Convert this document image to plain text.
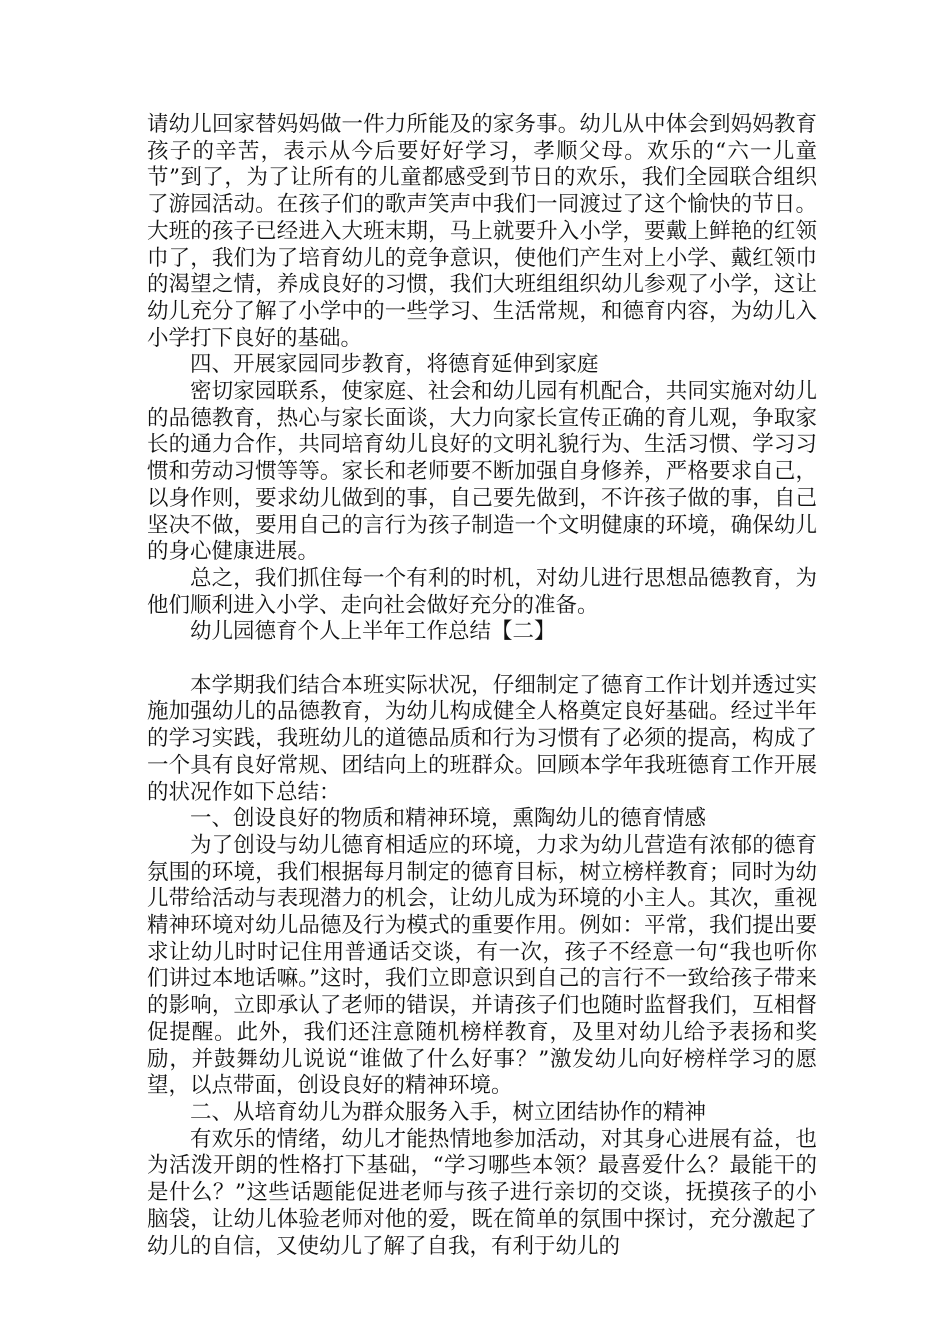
请幼儿回家替妈妈做一件力所能及的家务事。幼儿从中体会到妈妈教育孩子的辛苦，表示从今后要好好学习，孝顺父母。欢乐的“六一儿童节”到了，为了让所有的儿童都感受到节日的欢乐，我们全园联合组织了游园活动。在孩子们的歌声笑声中我们一同渡过了这个愉快的节日。大班的孩子已经进入大班末期，马上就要升入小学，要戴上鲜艳的红领巾了，我们为了培育幼儿的竞争意识，使他们产生对上小学、戴红领巾的渴望之情，养成良好的习惯，我们大班组组织幼儿参观了小学，这让幼儿充分了解了小学中的一些学习、生活常规，和德育内容，为幼儿入小学打下良好的基础。

四、开展家园同步教育，将德育延伸到家庭

密切家园联系，使家庭、社会和幼儿园有机配合，共同实施对幼儿的品德教育，热心与家长面谈，大力向家长宣传正确的育儿观，争取家长的通力合作，共同培育幼儿良好的文明礼貌行为、生活习惯、学习习惯和劳动习惯等等。家长和老师要不断加强自身修养，严格要求自己，以身作则，要求幼儿做到的事，自己要先做到，不许孩子做的事，自己坚决不做，要用自己的言行为孩子制造一个文明健康的环境，确保幼儿的身心健康进展。

总之，我们抓住每一个有利的时机，对幼儿进行思想品德教育，为他们顺利进入小学、走向社会做好充分的准备。

幼儿园德育个人上半年工作总结【二】

本学期我们结合本班实际状况，仔细制定了德育工作计划并透过实施加强幼儿的品德教育，为幼儿构成健全人格奠定良好基础。经过半年的学习实践，我班幼儿的道德品质和行为习惯有了必须的提高，构成了一个具有良好常规、团结向上的班群众。回顾本学年我班德育工作开展的状况作如下总结：

一、创设良好的物质和精神环境，熏陶幼儿的德育情感

为了创设与幼儿德育相适应的环境，力求为幼儿营造有浓郁的德育氛围的环境，我们根据每月制定的德育目标，树立榜样教育；同时为幼儿带给活动与表现潜力的机会，让幼儿成为环境的小主人。其次，重视精神环境对幼儿品德及行为模式的重要作用。例如：平常，我们提出要求让幼儿时时记住用普通话交谈，有一次，孩子不经意一句“我也听你们讲过本地话嘛。”这时，我们立即意识到自己的言行不一致给孩子带来的影响，立即承认了老师的错误，并请孩子们也随时监督我们，互相督促提醒。此外，我们还注意随机榜样教育，及里对幼儿给予表扬和奖励，并鼓舞幼儿说说“谁做了什么好事？”激发幼儿向好榜样学习的愿望，以点带面，创设良好的精神环境。

二、从培育幼儿为群众服务入手，树立团结协作的精神

有欢乐的情绪，幼儿才能热情地参加活动，对其身心进展有益，也为活泼开朗的性格打下基础，“学习哪些本领？最喜爱什么？最能干的是什么？”这些话题能促进老师与孩子进行亲切的交谈，抚摸孩子的小脑袋，让幼儿体验老师对他的爱，既在简单的氛围中探讨，充分激起了幼儿的自信，又使幼儿了解了自我，有利于幼儿的
